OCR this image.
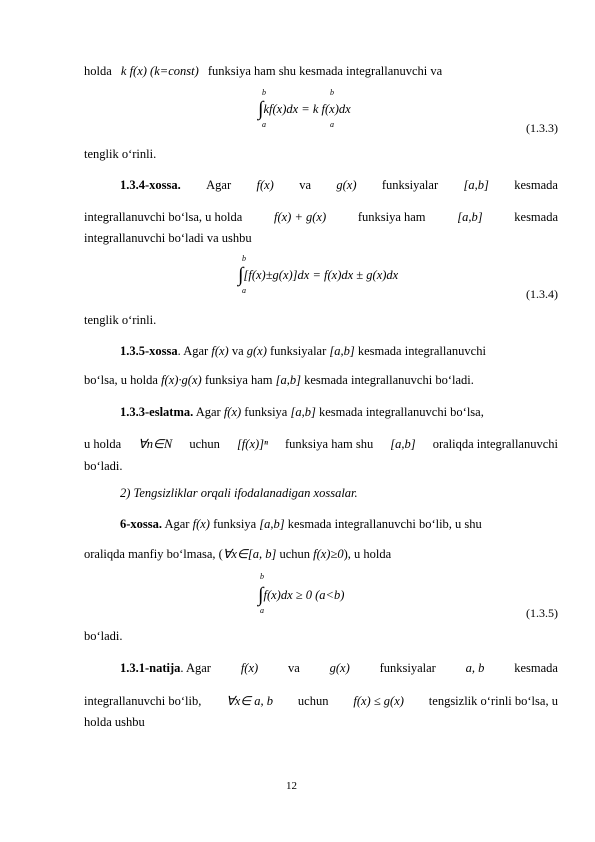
holda k f(x) (k=const) funksiya ham shu kesmada integrallanuvchi va
b
a
b
a
∫kf(x)dx = k f(x)dx
(1.3.3)
tenglik o‘rinli.
1.3.4-xossa. Agar f(x) va g(x) funksiyalar [a,b] kesmada
integrallanuvchi bo‘lsa, u holda	f(x) + g(x)	funksiya ham	[a,b]	kesmada
integrallanuvchi bo‘ladi va ushbu
b
a
∫[f(x)±g(x)]dx = f(x)dx ± g(x)dx
(1.3.4)
tenglik o‘rinli.
1.3.5-xossa. Agar f(x) va g(x) funksiyalar [a,b] kesmada integrallanuvchi
bo‘lsa, u holda f(x)·g(x) funksiya ham [a,b] kesmada integrallanuvchi bo‘ladi.
1.3.3-eslatma. Agar f(x) funksiya [a,b] kesmada integrallanuvchi bo‘lsa,
u holda ∀n∈N uchun [f(x)]ⁿ funksiya ham shu [a,b] oraliqda integrallanuvchi
bo‘ladi.
2) Tengsizliklar orqali ifodalanadigan xossalar.
6-xossa. Agar f(x) funksiya [a,b] kesmada integrallanuvchi bo‘lib, u shu
oraliqda manfiy bo‘lmasa, (∀x∈[a, b] uchun f(x)≥0), u holda
b
a
∫f(x)dx ≥ 0 (a<b)
(1.3.5)
bo‘ladi.
1.3.1-natija. Agar f(x) va g(x) funksiyalar a, b kesmada
integrallanuvchi bo‘lib, ∀x∈ a, b uchun f(x) ≤ g(x) tengsizlik o‘rinli bo‘lsa, u
holda ushbu
12
